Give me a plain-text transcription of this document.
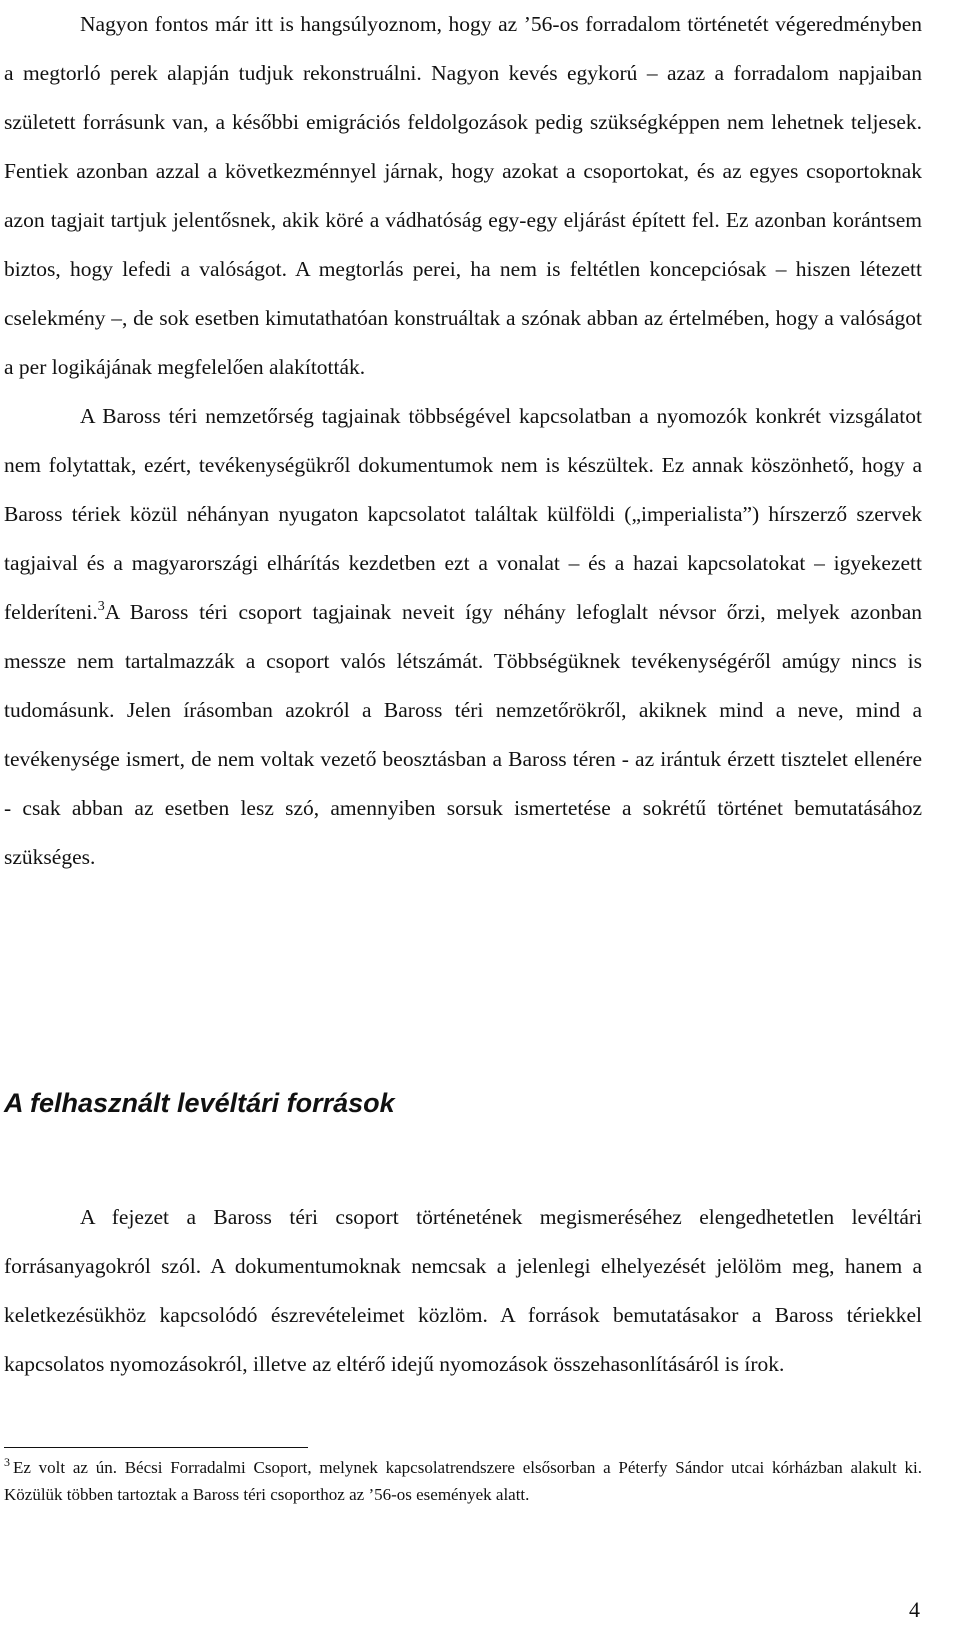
Nagyon fontos már itt is hangsúlyoznom, hogy az ’56-os forradalom történetét végeredményben a megtorló perek alapján tudjuk rekonstruálni. Nagyon kevés egykorú – azaz a forradalom napjaiban született forrásunk van, a későbbi emigrációs feldolgozások pedig szükségképpen nem lehetnek teljesek. Fentiek azonban azzal a következménnyel járnak, hogy azokat a csoportokat, és az egyes csoportoknak azon tagjait tartjuk jelentősnek, akik köré a vádhatóság egy-egy eljárást épített fel. Ez azonban korántsem biztos, hogy lefedi a valóságot. A megtorlás perei, ha nem is feltétlen koncepciósak – hiszen létezett cselekmény –, de sok esetben kimutathatóan konstruáltak a szónak abban az értelmében, hogy a valóságot a per logikájának megfelelően alakították.

A Baross téri nemzetőrség tagjainak többségével kapcsolatban a nyomozók konkrét vizsgálatot nem folytattak, ezért, tevékenységükről dokumentumok nem is készültek. Ez annak köszönhető, hogy a Baross tériek közül néhányan nyugaton kapcsolatot találtak külföldi („imperialista”) hírszerző szervek tagjaival és a magyarországi elhárítás kezdetben ezt a vonalat – és a hazai kapcsolatokat – igyekezett felderíteni.$^3$A Baross téri csoport tagjainak neveit így néhány lefoglalt névsor őrzi, melyek azonban messze nem tartalmazzák a csoport valós létszámát. Többségüknek tevékenységéről amúgy nincs is tudomásunk. Jelen írásomban azokról a Baross téri nemzetőrökről, akiknek mind a neve, mind a tevékenysége ismert, de nem voltak vezető beosztásban a Baross téren - az irántuk érzett tisztelet ellenére - csak abban az esetben lesz szó, amennyiben sorsuk ismertetése a sokrétű történet bemutatásához szükséges.

A felhasznált levéltári források

A fejezet a Baross téri csoport történetének megismeréséhez elengedhetetlen levéltári forrásanyagokról szól. A dokumentumoknak nemcsak a jelenlegi elhelyezését jelölöm meg, hanem a keletkezésükhöz kapcsolódó észrevételeimet közlöm. A források bemutatásakor a Baross tériekkel kapcsolatos nyomozásokról, illetve az eltérő idejű nyomozások összehasonlításáról is írok.

$^3$ Ez volt az ún. Bécsi Forradalmi Csoport, melynek kapcsolatrendszere elsősorban a Péterfy Sándor utcai kórházban alakult ki. Közülük többen tartoztak a Baross téri csoporthoz az ’56-os események alatt.

4
